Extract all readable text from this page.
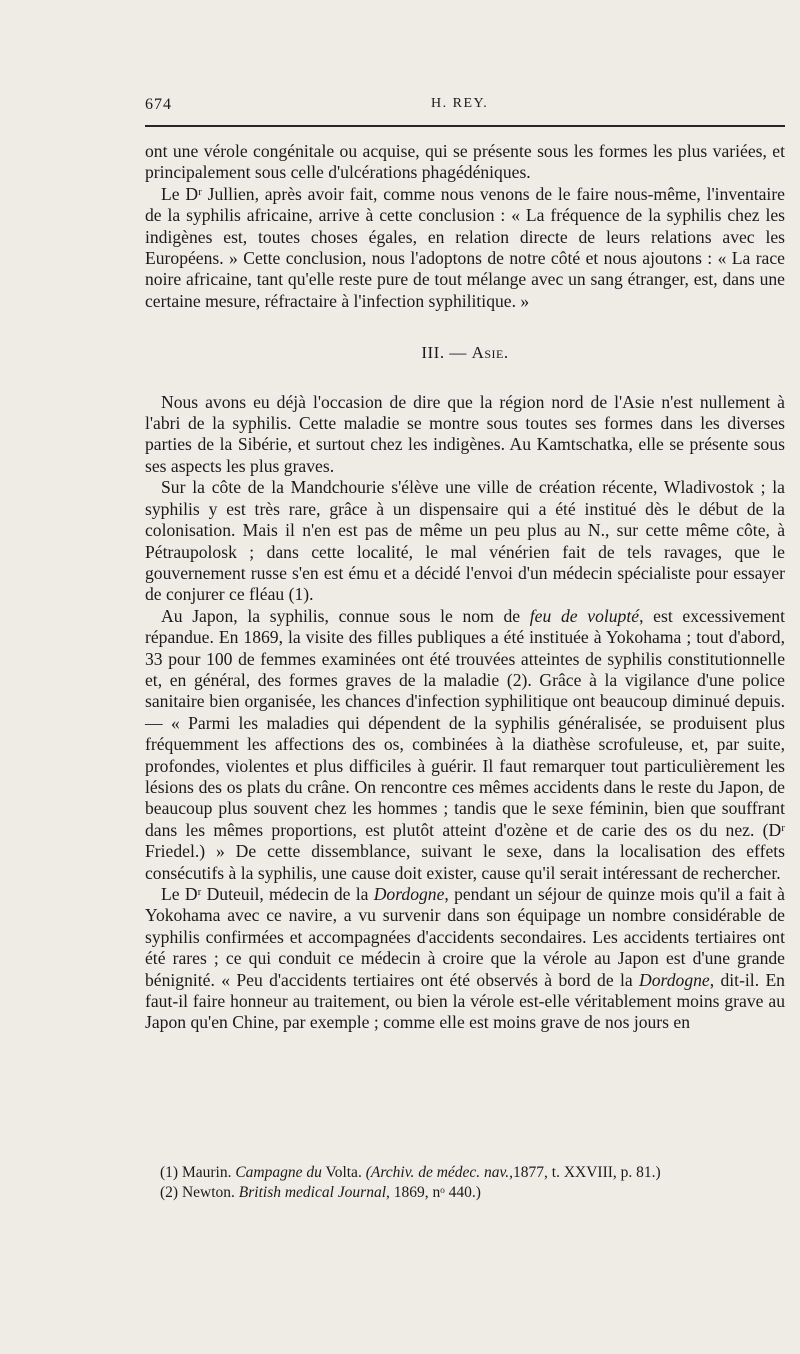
674	H. REY.

ont une vérole congénitale ou acquise, qui se présente sous les formes les plus variées, et principalement sous celle d'ulcérations phagédéniques.

Le Dʳ Jullien, après avoir fait, comme nous venons de le faire nous-même, l'inventaire de la syphilis africaine, arrive à cette conclusion : « La fréquence de la syphilis chez les indigènes est, toutes choses égales, en relation directe de leurs relations avec les Européens. » Cette conclusion, nous l'adoptons de notre côté et nous ajoutons : « La race noire africaine, tant qu'elle reste pure de tout mélange avec un sang étranger, est, dans une certaine mesure, réfractaire à l'infection syphilitique. »

III. — Asie.

Nous avons eu déjà l'occasion de dire que la région nord de l'Asie n'est nullement à l'abri de la syphilis. Cette maladie se montre sous toutes ses formes dans les diverses parties de la Sibérie, et surtout chez les indigènes. Au Kamtschatka, elle se présente sous ses aspects les plus graves.

Sur la côte de la Mandchourie s'élève une ville de création récente, Wladivostok ; la syphilis y est très rare, grâce à un dispensaire qui a été institué dès le début de la colonisation. Mais il n'en est pas de même un peu plus au N., sur cette même côte, à Pétraupolosk ; dans cette localité, le mal vénérien fait de tels ravages, que le gouvernement russe s'en est ému et a décidé l'envoi d'un médecin spécialiste pour essayer de conjurer ce fléau (1).

Au Japon, la syphilis, connue sous le nom de feu de volupté, est excessivement répandue. En 1869, la visite des filles publiques a été instituée à Yokohama ; tout d'abord, 33 pour 100 de femmes examinées ont été trouvées atteintes de syphilis constitutionnelle et, en général, des formes graves de la maladie (2). Grâce à la vigilance d'une police sanitaire bien organisée, les chances d'infection syphilitique ont beaucoup diminué depuis. — « Parmi les maladies qui dépendent de la syphilis généralisée, se produisent plus fréquemment les affections des os, combinées à la diathèse scrofuleuse, et, par suite, profondes, violentes et plus difficiles à guérir. Il faut remarquer tout particulièrement les lésions des os plats du crâne. On rencontre ces mêmes accidents dans le reste du Japon, de beaucoup plus souvent chez les hommes ; tandis que le sexe féminin, bien que souffrant dans les mêmes proportions, est plutôt atteint d'ozène et de carie des os du nez. (Dʳ Friedel.) » De cette dissemblance, suivant le sexe, dans la localisation des effets consécutifs à la syphilis, une cause doit exister, cause qu'il serait intéressant de rechercher.

Le Dʳ Duteuil, médecin de la Dordogne, pendant un séjour de quinze mois qu'il a fait à Yokohama avec ce navire, a vu survenir dans son équipage un nombre considérable de syphilis confirmées et accompagnées d'accidents secondaires. Les accidents tertiaires ont été rares ; ce qui conduit ce médecin à croire que la vérole au Japon est d'une grande bénignité. « Peu d'accidents tertiaires ont été observés à bord de la Dordogne, dit-il. En faut-il faire honneur au traitement, ou bien la vérole est-elle véritablement moins grave au Japon qu'en Chine, par exemple ; comme elle est moins grave de nos jours en

(1) Maurin. Campagne du Volta. (Archiv. de médec. nav.,1877, t. XXVIII, p. 81.)

(2) Newton. British medical Journal, 1869, nᵒ 440.)
